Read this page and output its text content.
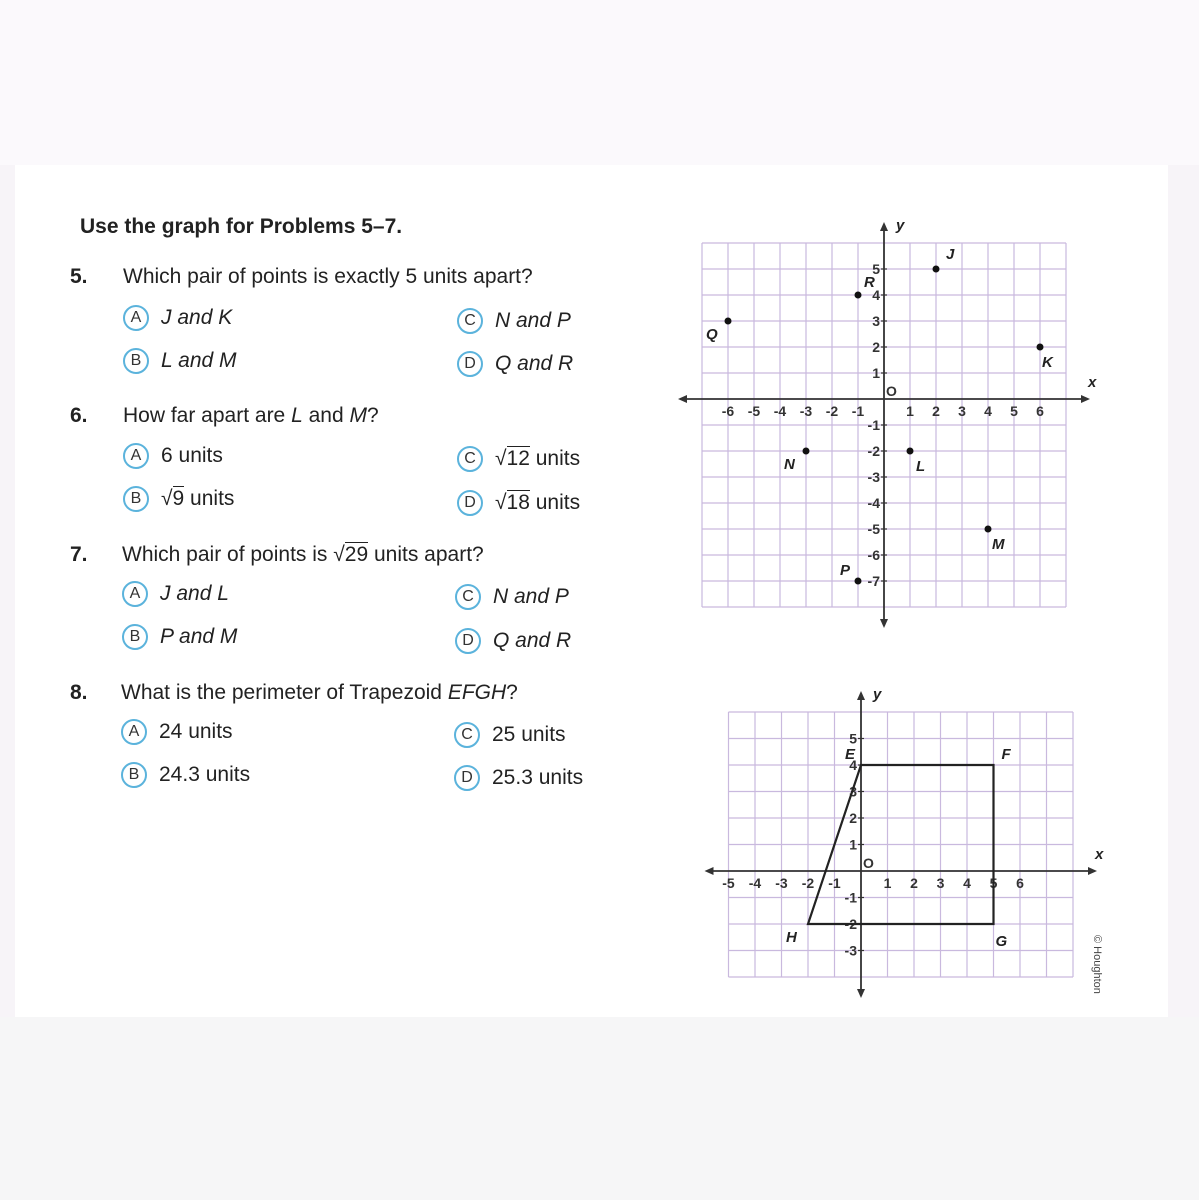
Use the graph for Problems 5–7.
5. Which pair of points is exactly 5 units apart?
A J and K
B L and M
C N and P
D Q and R
6. How far apart are L and M?
A 6 units
B √9 units
C √12 units
D √18 units
7. Which pair of points is √29 units apart?
A J and L
B P and M
C N and P
D Q and R
8. What is the perimeter of Trapezoid EFGH?
A 24 units
B 24.3 units
C 25 units
D 25.3 units
x
y
-6 -5 -4 -3 -2 -1	1 2 3 4 5 6
-7
-6
-5
-4
-3
-2
-1
1
2
3
4
5
O
J
R
Q
K
N	L
M
P
x
y
-5 -4 -3 -2 -1	1 2 3 4 5 6
-3
-2
-1
1
2
3
4
5
O
E	F
G
H	© Houghton
